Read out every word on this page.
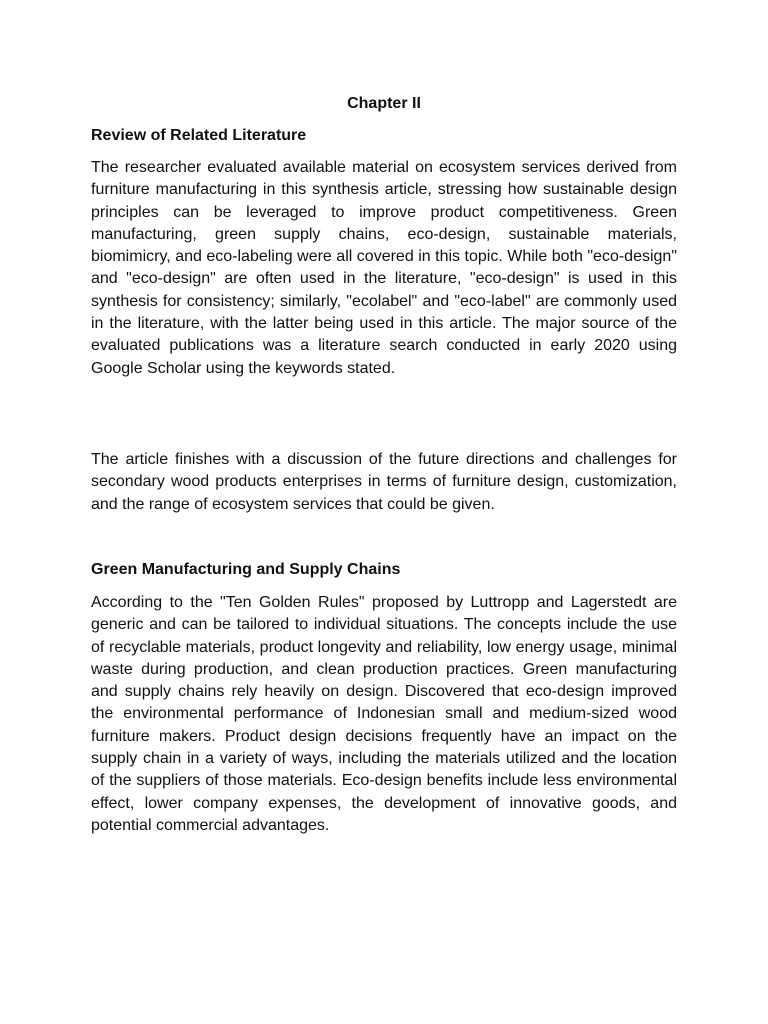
Chapter II

Review of Related Literature

The researcher evaluated available material on ecosystem services derived from furniture manufacturing in this synthesis article, stressing how sustainable design principles can be leveraged to improve product competitiveness. Green manufacturing, green supply chains, eco-design, sustainable materials, biomimicry, and eco-labeling were all covered in this topic. While both "eco-design" and "eco-design" are often used in the literature, "eco-design" is used in this synthesis for consistency; similarly, "ecolabel" and "eco-label" are commonly used in the literature, with the latter being used in this article. The major source of the evaluated publications was a literature search conducted in early 2020 using Google Scholar using the keywords stated.

The article finishes with a discussion of the future directions and challenges for secondary wood products enterprises in terms of furniture design, customization, and the range of ecosystem services that could be given.

Green Manufacturing and Supply Chains

According to the "Ten Golden Rules" proposed by Luttropp and Lagerstedt are generic and can be tailored to individual situations. The concepts include the use of recyclable materials, product longevity and reliability, low energy usage, minimal waste during production, and clean production practices. Green manufacturing and supply chains rely heavily on design. Discovered that eco-design improved the environmental performance of Indonesian small and medium-sized wood furniture makers. Product design decisions frequently have an impact on the supply chain in a variety of ways, including the materials utilized and the location of the suppliers of those materials. Eco-design benefits include less environmental effect, lower company expenses, the development of innovative goods, and potential commercial advantages.
